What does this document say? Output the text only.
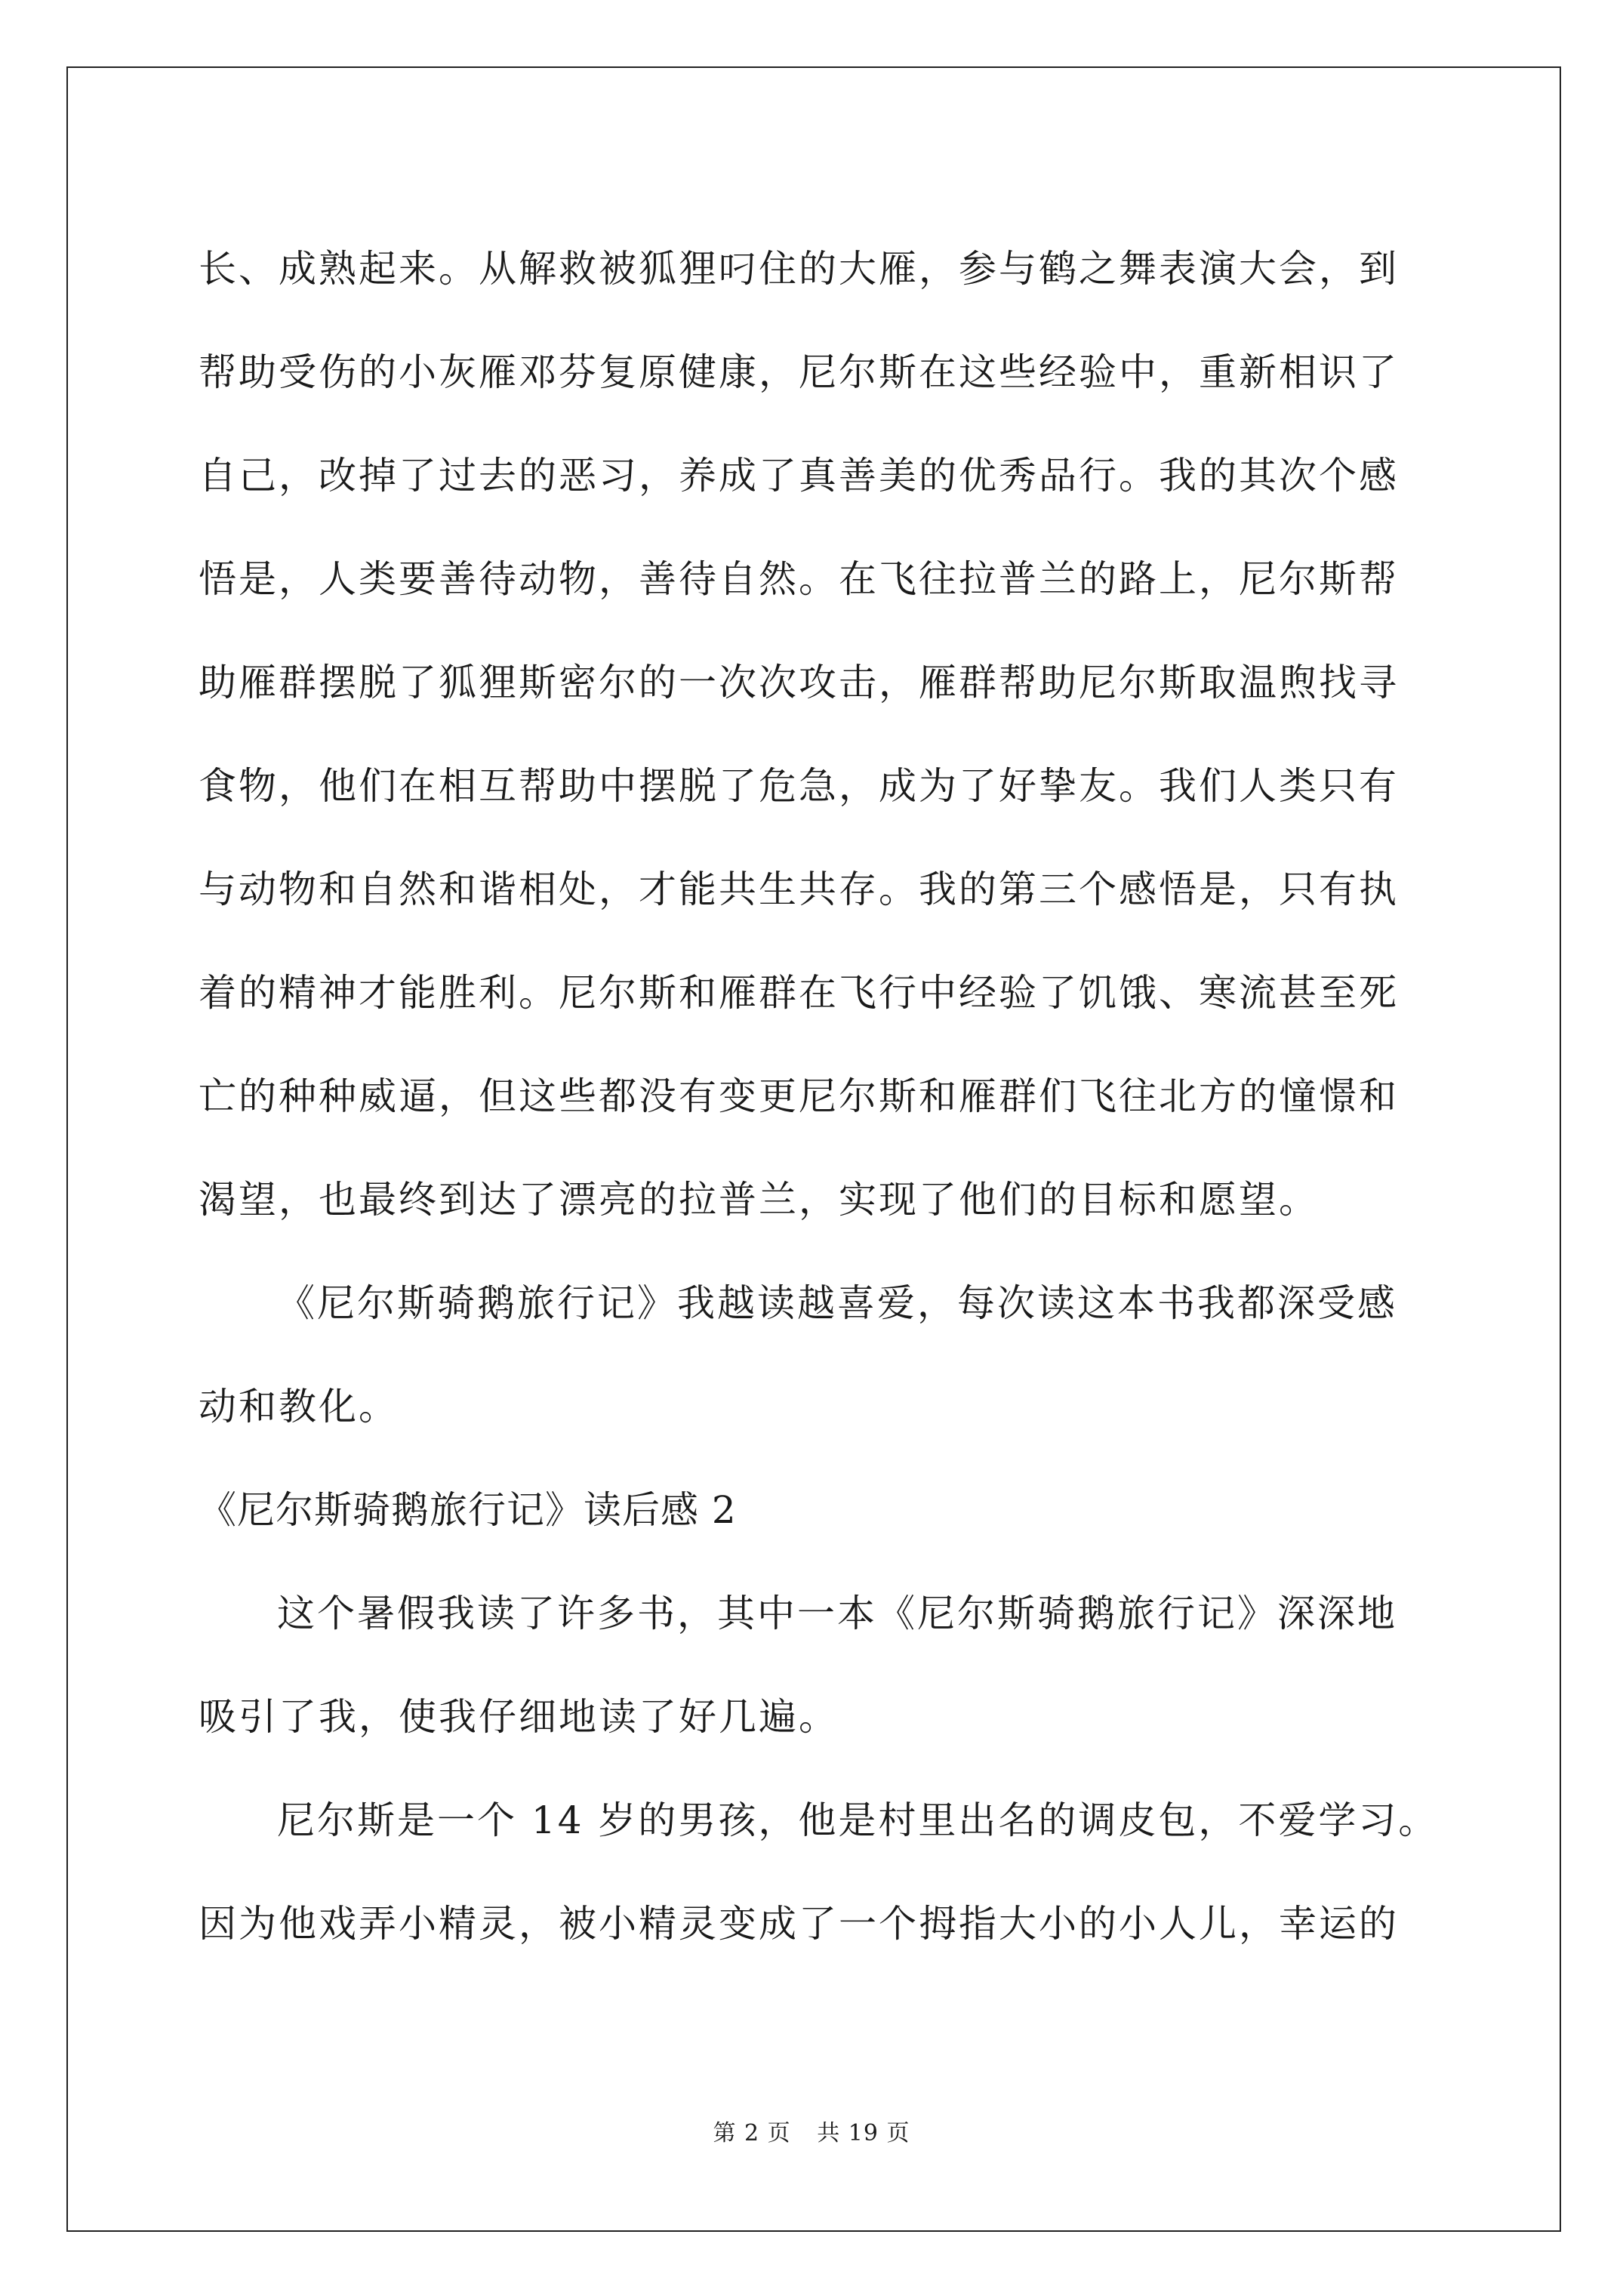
长、成熟起来。从解救被狐狸叼住的大雁，参与鹤之舞表演大会，到
帮助受伤的小灰雁邓芬复原健康，尼尔斯在这些经验中，重新相识了
自己，改掉了过去的恶习，养成了真善美的优秀品行。我的其次个感
悟是，人类要善待动物，善待自然。在飞往拉普兰的路上，尼尔斯帮
助雁群摆脱了狐狸斯密尔的一次次攻击，雁群帮助尼尔斯取温煦找寻
食物，他们在相互帮助中摆脱了危急，成为了好挚友。我们人类只有
与动物和自然和谐相处，才能共生共存。我的第三个感悟是，只有执
着的精神才能胜利。尼尔斯和雁群在飞行中经验了饥饿、寒流甚至死
亡的种种威逼，但这些都没有变更尼尔斯和雁群们飞往北方的憧憬和
渴望，也最终到达了漂亮的拉普兰，实现了他们的目标和愿望。
《尼尔斯骑鹅旅行记》我越读越喜爱，每次读这本书我都深受感
动和教化。
《尼尔斯骑鹅旅行记》读后感 2
这个暑假我读了许多书，其中一本《尼尔斯骑鹅旅行记》深深地
吸引了我，使我仔细地读了好几遍。
尼尔斯是一个 14 岁的男孩，他是村里出名的调皮包，不爱学习。
因为他戏弄小精灵，被小精灵变成了一个拇指大小的小人儿，幸运的
第 2 页 共 19 页
